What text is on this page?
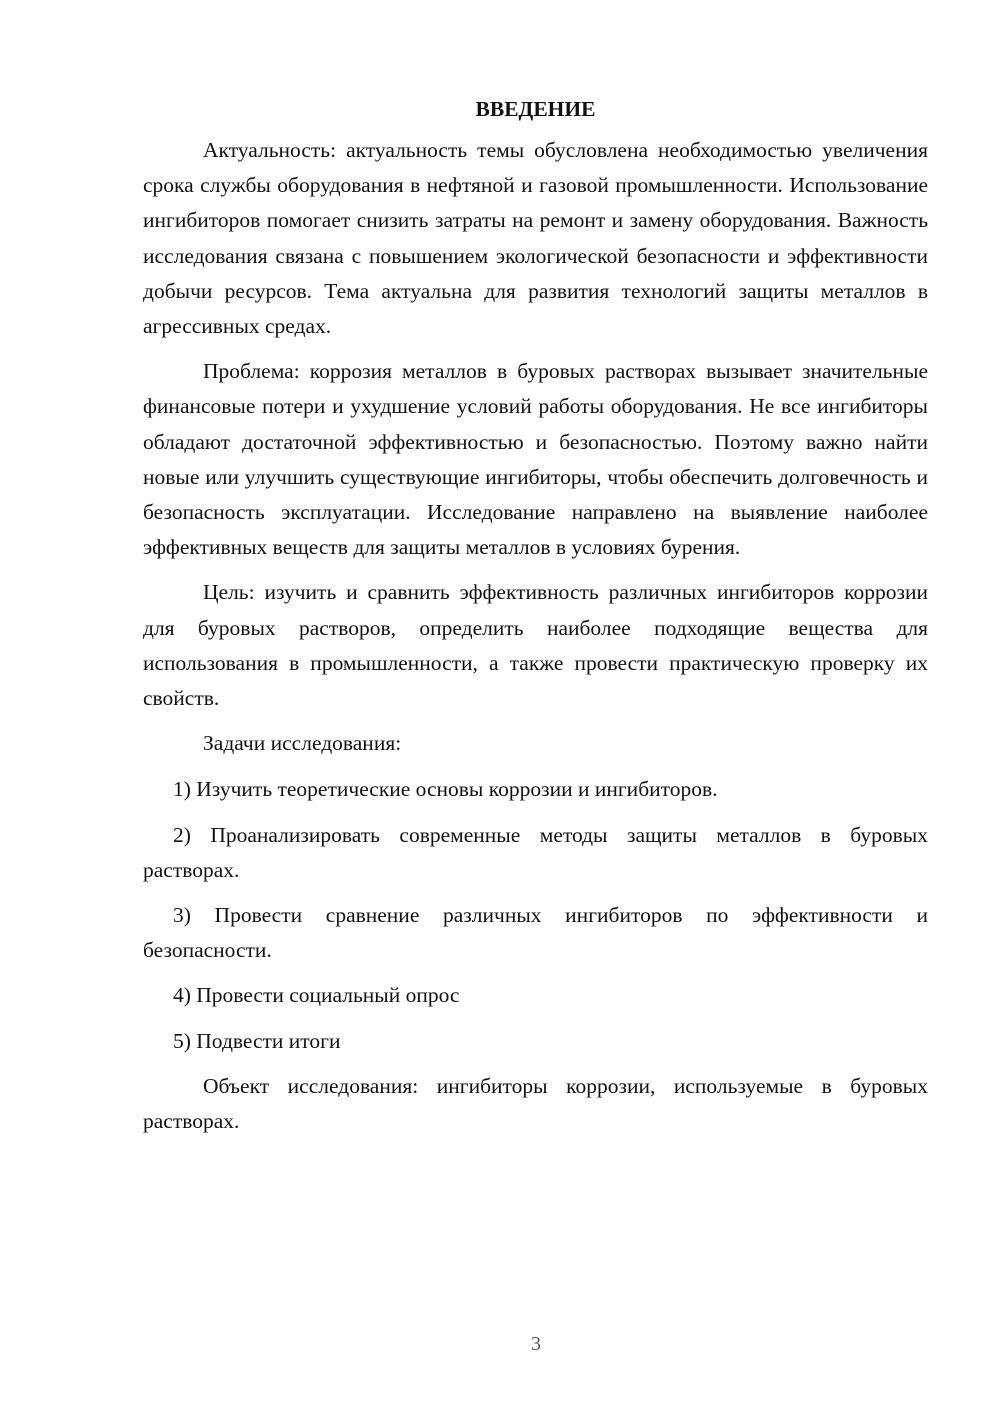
ВВЕДЕНИЕ

Актуальность: актуальность темы обусловлена необходимостью увеличения срока службы оборудования в нефтяной и газовой промышленности. Использование ингибиторов помогает снизить затраты на ремонт и замену оборудования. Важность исследования связана с повышением экологической безопасности и эффективности добычи ресурсов. Тема актуальна для развития технологий защиты металлов в агрессивных средах.

Проблема: коррозия металлов в буровых растворах вызывает значительные финансовые потери и ухудшение условий работы оборудования. Не все ингибиторы обладают достаточной эффективностью и безопасностью. Поэтому важно найти новые или улучшить существующие ингибиторы, чтобы обеспечить долговечность и безопасность эксплуатации. Исследование направлено на выявление наиболее эффективных веществ для защиты металлов в условиях бурения.

Цель: изучить и сравнить эффективность различных ингибиторов коррозии для буровых растворов, определить наиболее подходящие вещества для использования в промышленности, а также провести практическую проверку их свойств.

Задачи исследования:

1) Изучить теоретические основы коррозии и ингибиторов.

2) Проанализировать современные методы защиты металлов в буровых растворах.

3) Провести сравнение различных ингибиторов по эффективности и безопасности.

4) Провести социальный опрос

5) Подвести итоги

Объект исследования: ингибиторы коррозии, используемые в буровых растворах.

3
